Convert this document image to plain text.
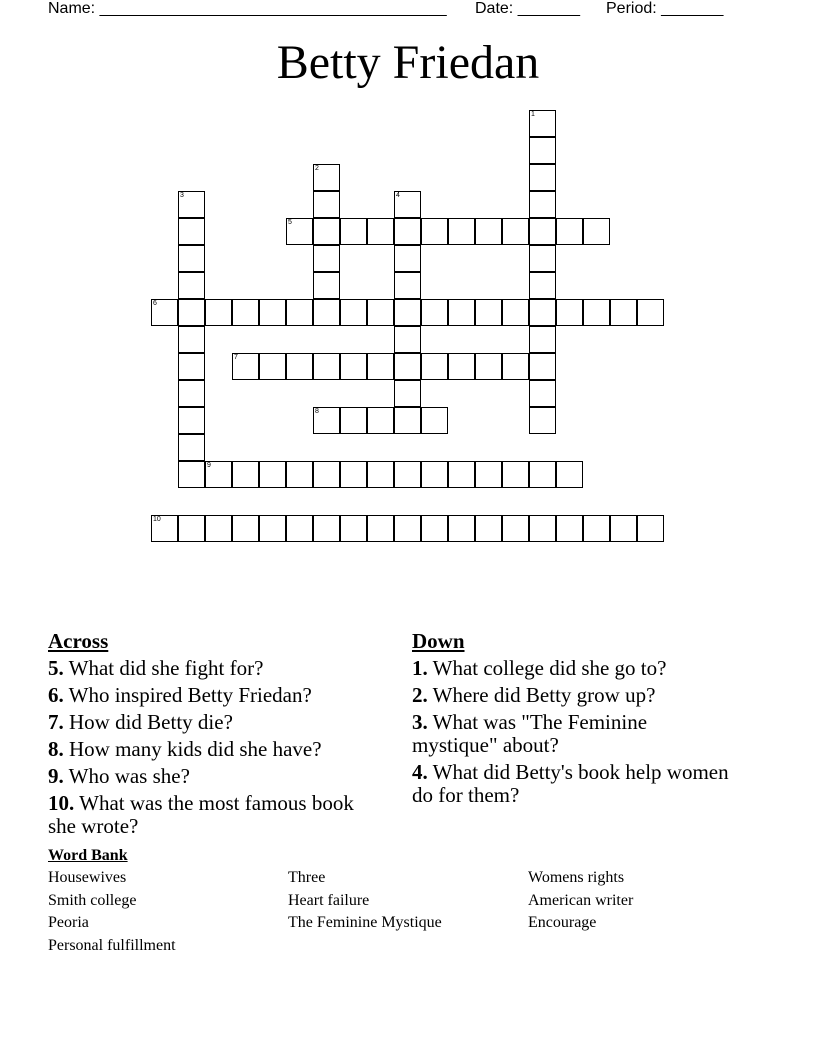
Name: _______________________________________ Date: _______ Period: _______
Betty Friedan
1
2
3	4
5
6
7
8
9
10
Across
5. What did she fight for?
6. Who inspired Betty Friedan?
7. How did Betty die?
8. How many kids did she have?
9. Who was she?
10. What was the most famous book she wrote?
Down
1. What college did she go to?
2. Where did Betty grow up?
3. What was "The Feminine mystique" about?
4. What did Betty's book help women do for them?
Word Bank
Housewives	Three	Womens rights
Smith college	Heart failure	American writer
Peoria	The Feminine Mystique	Encourage
Personal fulfillment
